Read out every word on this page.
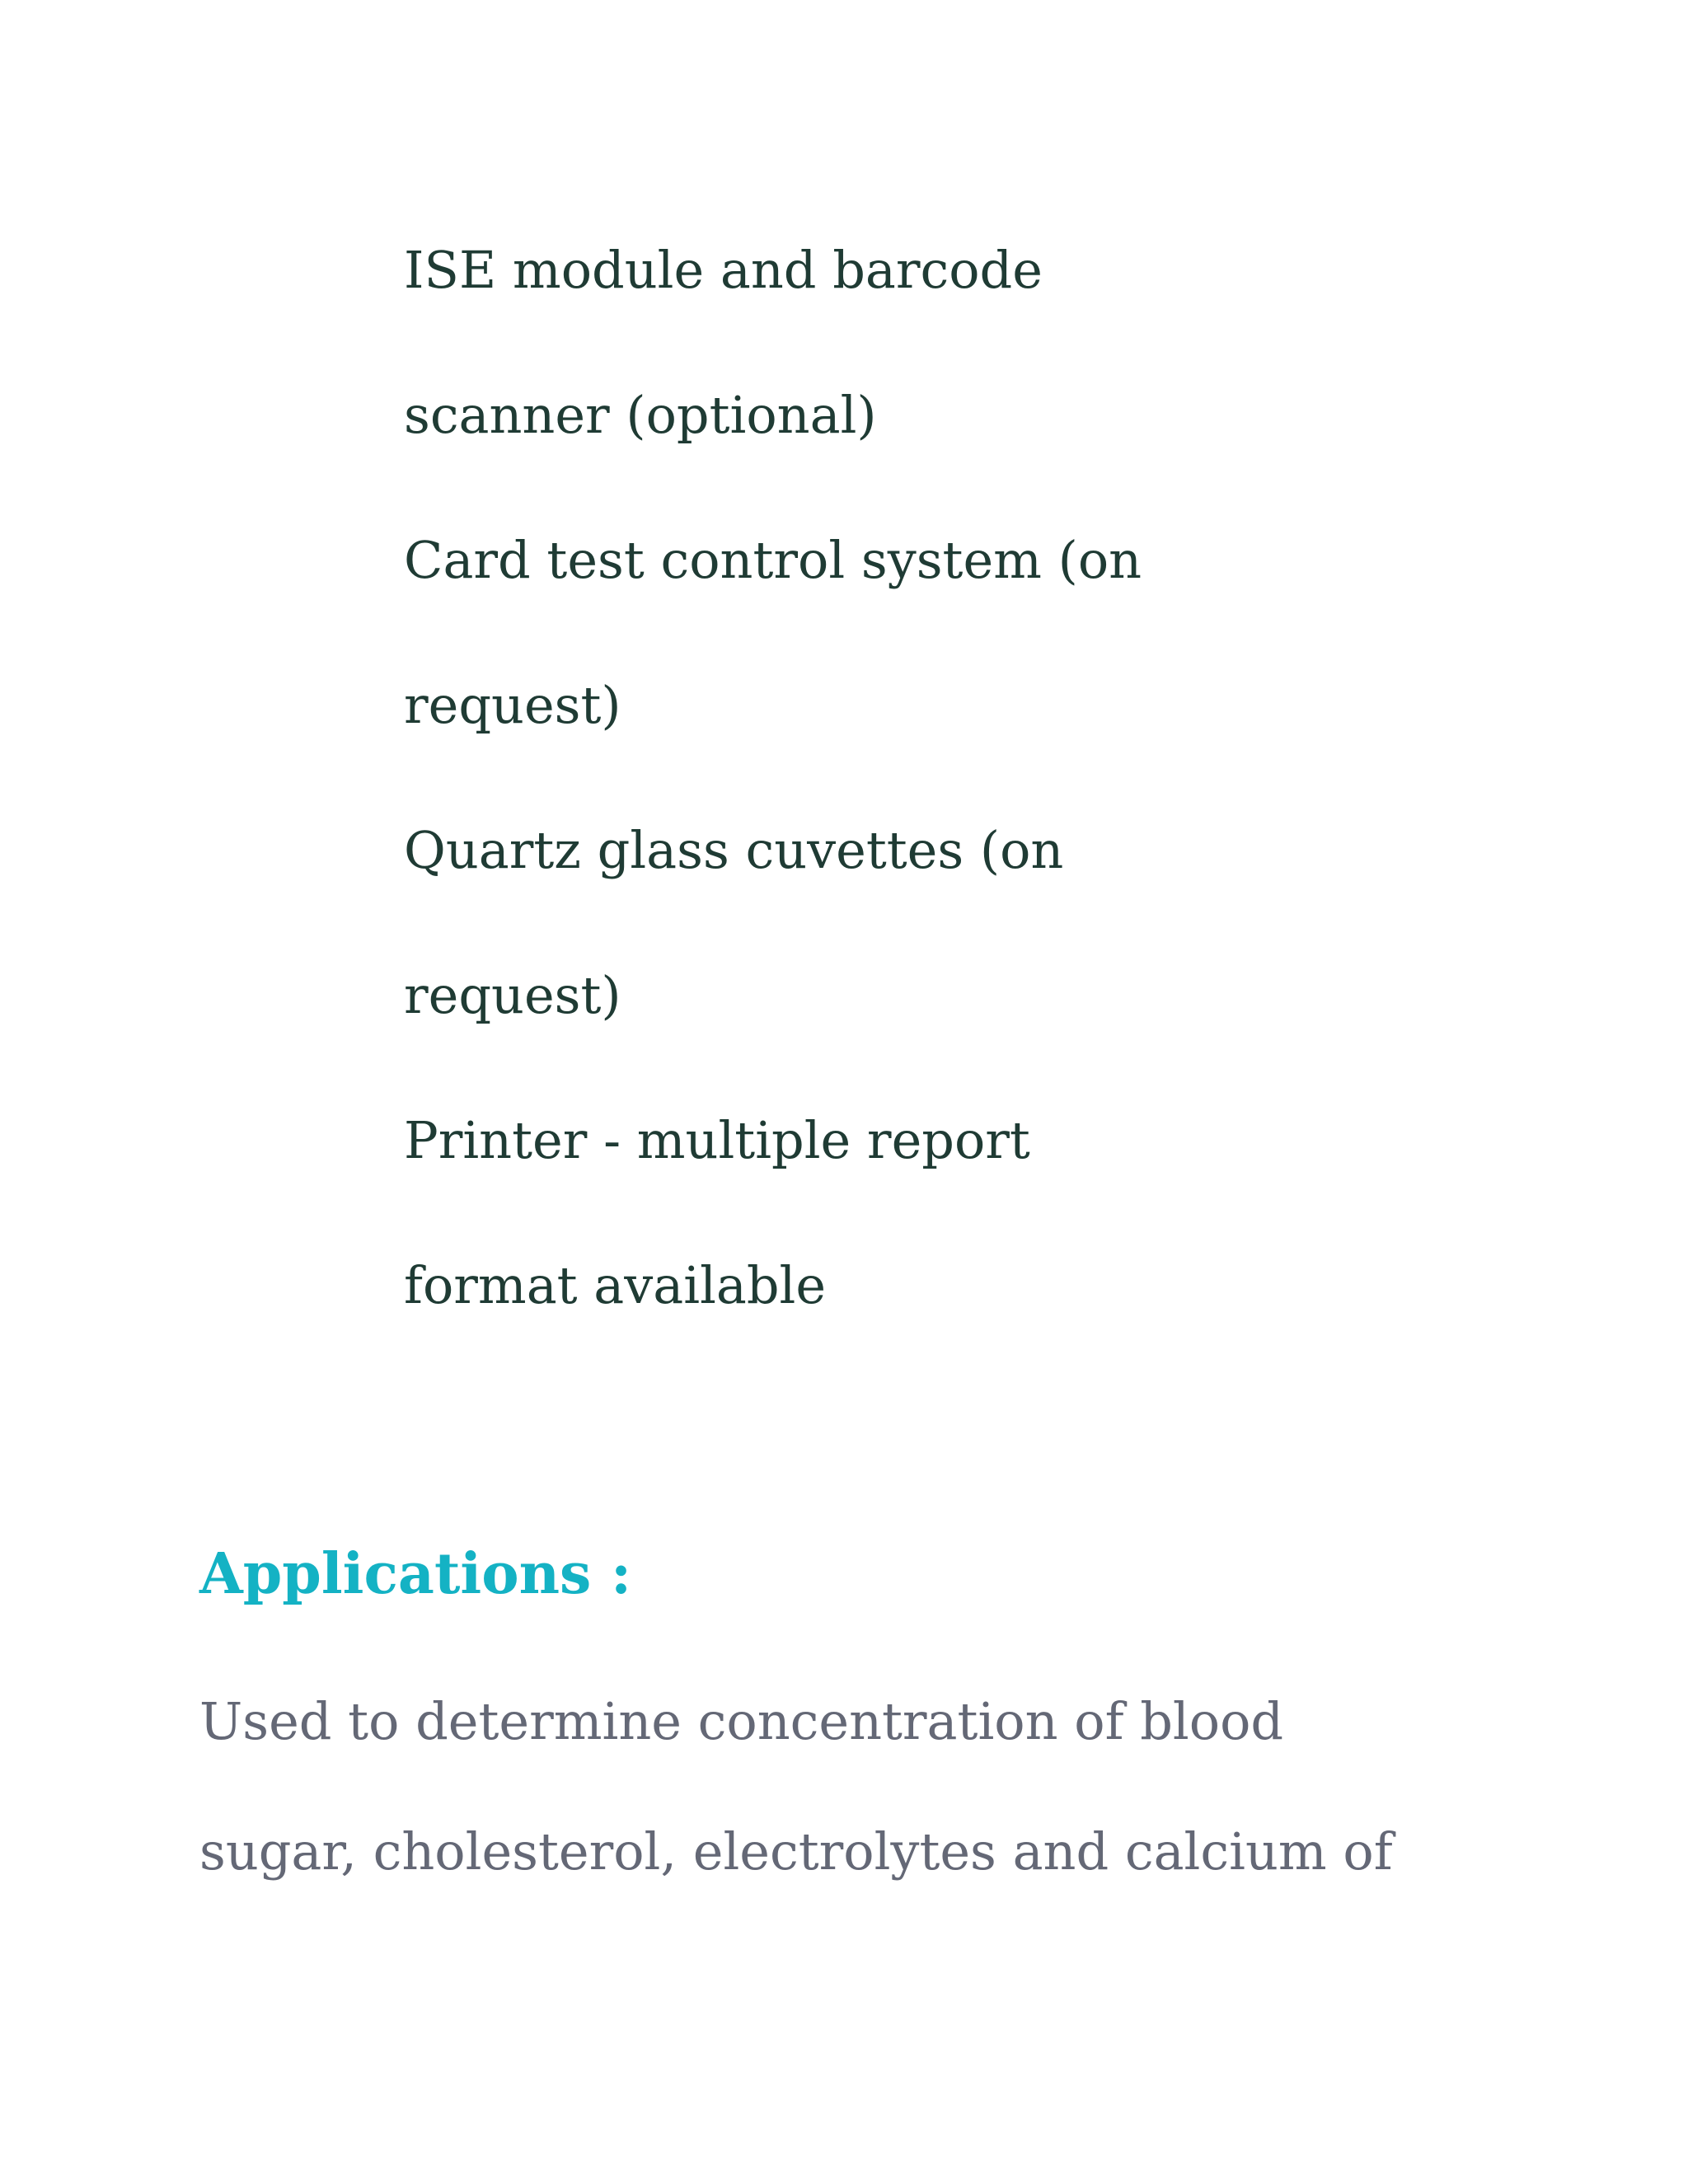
ISE module and barcode
scanner (optional)
Card test control system (on
request)
Quartz glass cuvettes (on
request)
Printer - multiple report
format available
Applications :
Used to determine concentration of blood
sugar, cholesterol, electrolytes and calcium of
